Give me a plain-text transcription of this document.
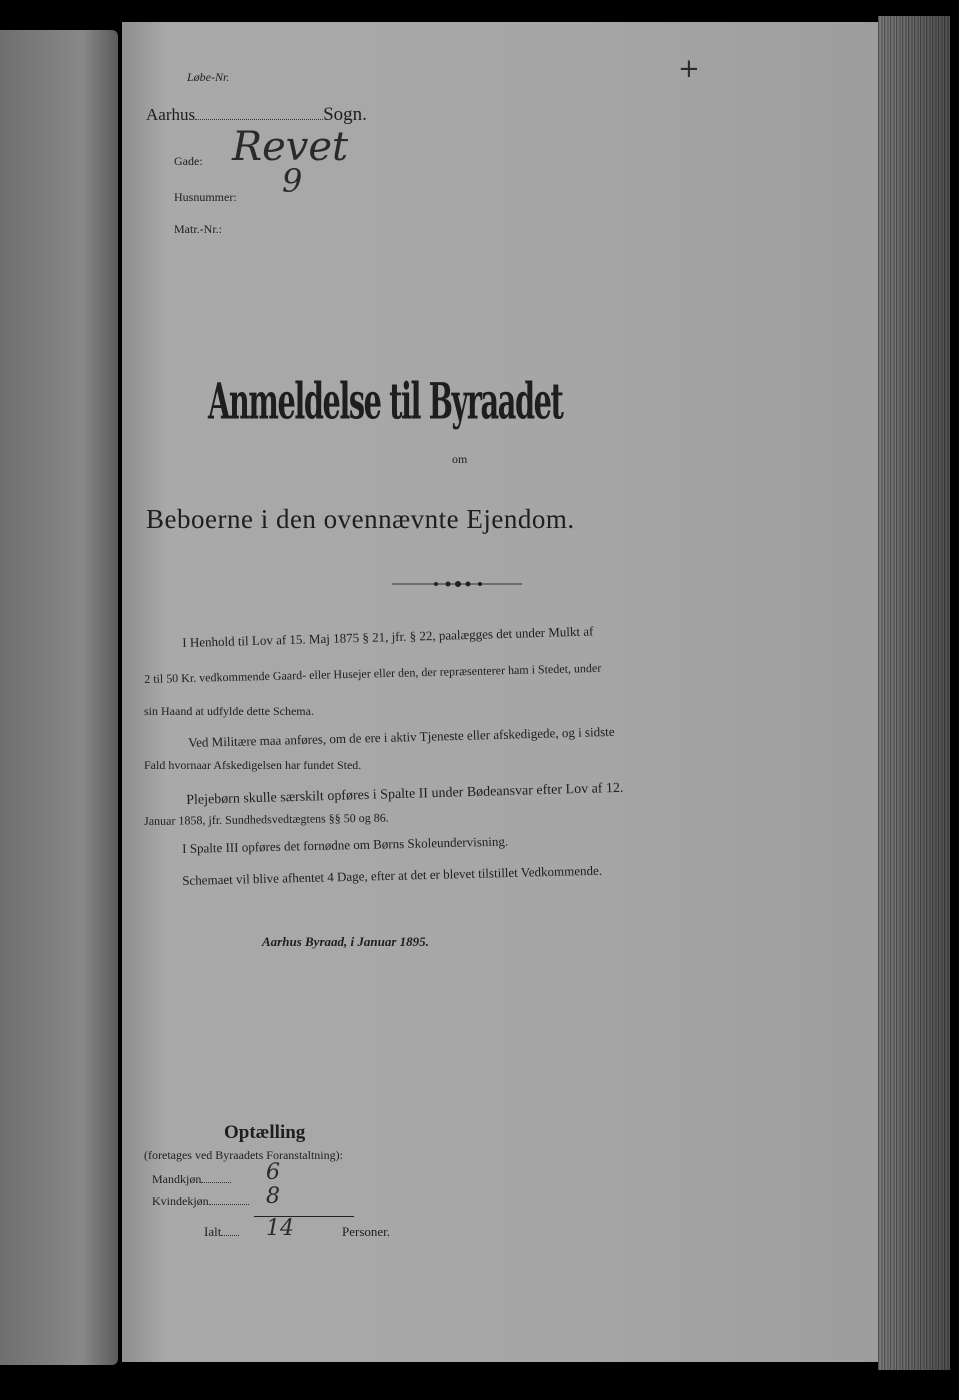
Løbe-Nr.	+
Aarhus	Sogn.
Gade: Revet
Husnummer: 9
Matr.-Nr.:
Anmeldelse til Byraadet
om
Beboerne i den ovennævnte Ejendom.
I Henhold til Lov af 15. Maj 1875 § 21, jfr. § 22, paalægges det under Mulkt af
2 til 50 Kr. vedkommende Gaard- eller Husejer eller den, der repræsenterer ham i Stedet, under
sin Haand at udfylde dette Schema.
Ved Militære maa anføres, om de ere i aktiv Tjeneste eller afskedigede, og i sidste
Fald hvornaar Afskedigelsen har fundet Sted.
Plejebørn skulle særskilt opføres i Spalte II under Bødeansvar efter Lov af 12.
Januar 1858, jfr. Sundhedsvedtægtens §§ 50 og 86.
I Spalte III opføres det fornødne om Børns Skoleundervisning.
Schemaet vil blive afhentet 4 Dage, efter at det er blevet tilstillet Vedkommende.
Aarhus Byraad, i Januar 1895.
Optælling
(foretages ved Byraadets Foranstaltning):
Mandkjøn	6
Kvindekjøn	8
Ialt	14	Personer.
